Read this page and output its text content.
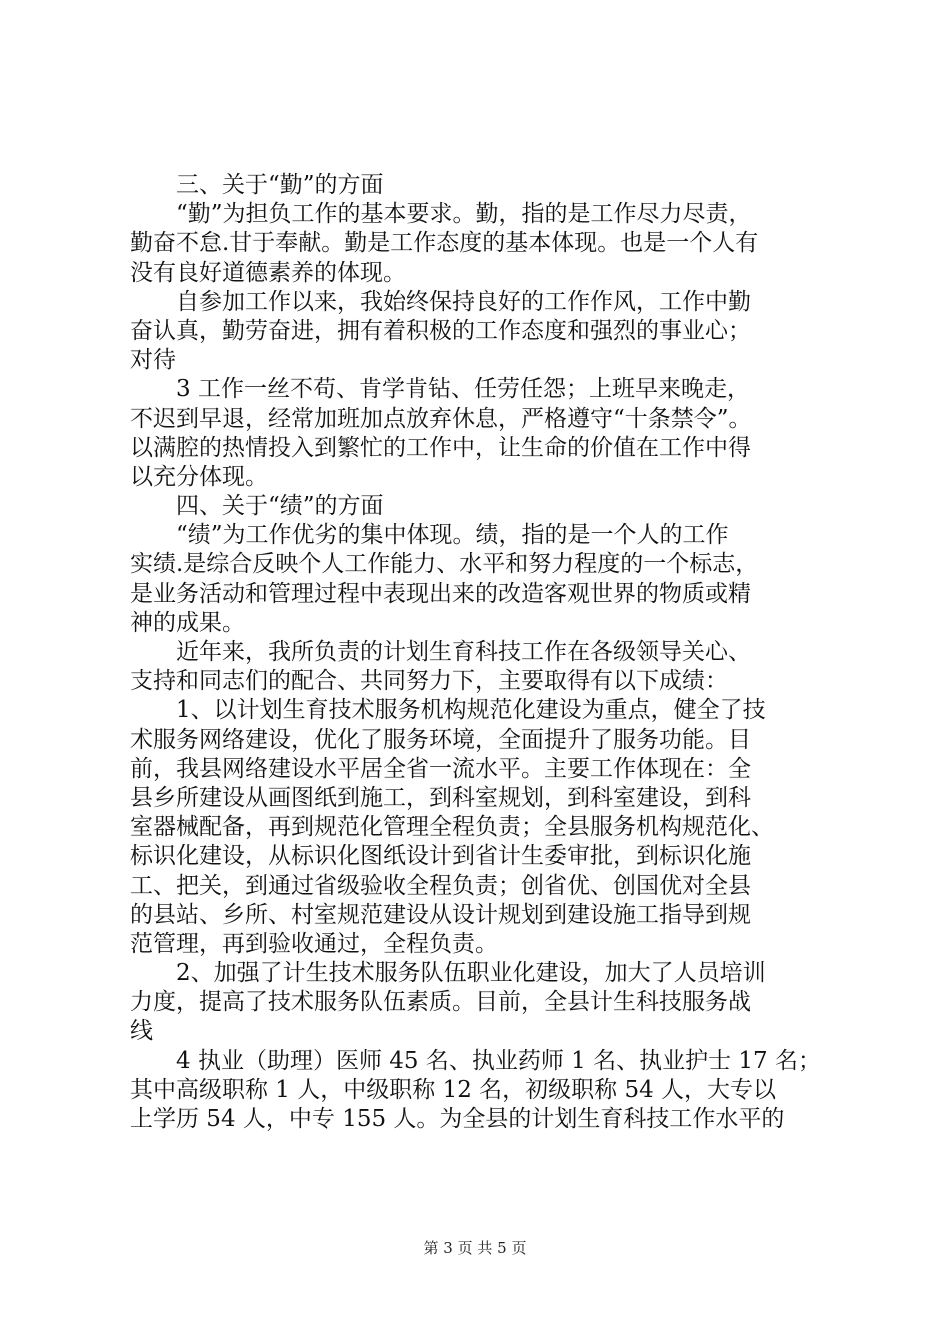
三、关于“勤”的方面
“勤”为担负工作的基本要求。勤，指的是工作尽力尽责，
勤奋不怠.甘于奉献。勤是工作态度的基本体现。也是一个人有
没有良好道德素养的体现。
自参加工作以来，我始终保持良好的工作作风，工作中勤
奋认真，勤劳奋进，拥有着积极的工作态度和强烈的事业心；
对待
3 工作一丝不苟、肯学肯钻、任劳任怨；上班早来晚走，
不迟到早退，经常加班加点放弃休息，严格遵守“十条禁令”。
以满腔的热情投入到繁忙的工作中，让生命的价值在工作中得
以充分体现。
四、关于“绩”的方面
“绩”为工作优劣的集中体现。绩，指的是一个人的工作
实绩.是综合反映个人工作能力、水平和努力程度的一个标志，
是业务活动和管理过程中表现出来的改造客观世界的物质或精
神的成果。
近年来，我所负责的计划生育科技工作在各级领导关心、
支持和同志们的配合、共同努力下，主要取得有以下成绩：
1、以计划生育技术服务机构规范化建设为重点，健全了技
术服务网络建设，优化了服务环境，全面提升了服务功能。目
前，我县网络建设水平居全省一流水平。主要工作体现在：全
县乡所建设从画图纸到施工，到科室规划，到科室建设，到科
室器械配备，再到规范化管理全程负责；全县服务机构规范化、
标识化建设，从标识化图纸设计到省计生委审批，到标识化施
工、把关，到通过省级验收全程负责；创省优、创国优对全县
的县站、乡所、村室规范建设从设计规划到建设施工指导到规
范管理，再到验收通过，全程负责。
2、加强了计生技术服务队伍职业化建设，加大了人员培训
力度，提高了技术服务队伍素质。目前，全县计生科技服务战
线
4 执业（助理）医师 45 名、执业药师 1 名、执业护士 17 名；
其中高级职称 1 人，中级职称 12 名，初级职称 54 人，大专以
上学历 54 人，中专 155 人。为全县的计划生育科技工作水平的
第 3 页 共 5 页
